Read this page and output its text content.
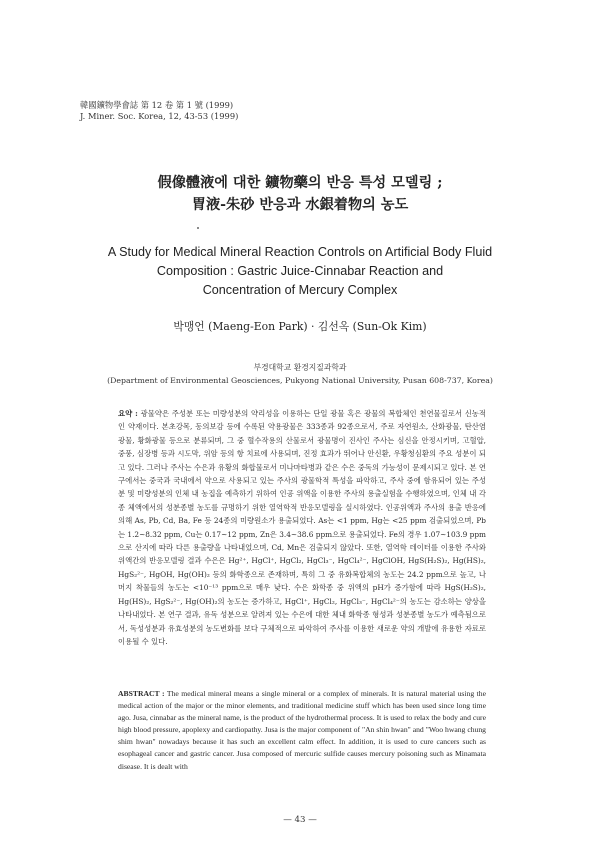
韓國鑛物學會誌 第 12 卷 第 1 號 (1999)
J. Miner. Soc. Korea, 12, 43-53 (1999)
假像體液에 대한 鑛物藥의 반응 특성 모델링 ;
胃液-朱砂 반응과 水銀着物의 농도
A Study for Medical Mineral Reaction Controls on Artificial Body Fluid
Composition : Gastric Juice-Cinnabar Reaction and
Concentration of Mercury Complex
박맹언 (Maeng-Eon Park) · 김선옥 (Sun-Ok Kim)
부경대학교 환경지질과학과
(Department of Environmental Geosciences, Pukyong National University, Pusan 608-737, Korea)
요약 : 광물약은 주성분 또는 미량성분의 약리성을 이용하는 단일 광물 혹은 광물의 복합체인 천연물질로서 신농적인 약재이다. 본초강목, 동의보감 등에 수록된 약용광물은 333종과 92종으로서, 주로 자연원소, 산화광물, 탄산염광물, 황화광물 등으로 분류되며, 그 중 혈수작용의 산물로서 광물명이 진사인 주사는 심신을 안정시키며, 고혈압, 중풍, 심장병 등과 시도막, 위암 등의 항 치료에 사용되며, 진정 효과가 뛰어나 안신환, 우황청심환의 주요 성분이 되고 있다. 그러나 주사는 수은과 유황의 화합물로서 미나마타병과 같은 수은 중독의 가능성이 문제시되고 있다. 본 연구에서는 중국과 국내에서 약으로 사용되고 있는 주사의 광물학적 특성을 파악하고, 주사 중에 함유되어 있는 주성분 및 미량성분의 인체 내 농집을 예측하기 위하여 인공 위액을 이용한 주사의 용출실험을 수행하였으며, 인체 내 각종 체액에서의 성분종별 농도를 규명하기 위한 열역학적 반응모델링을 실시하였다. 인공위액과 주사의 용출 반응에 의해 As, Pb, Cd, Ba, Fe 등 24종의 미량원소가 용출되었다. As는 <1 ppm, Hg는 <25 ppm 검출되었으며, Pb는 1.2~8.32 ppm, Cu는 0.17~12 ppm, Zn은 3.4~38.6 ppm으로 용출되었다. Fe의 경우 1.07~103.9 ppm으로 산지에 따라 다른 용출량을 나타내었으며, Cd, Mn은 검출되지 않았다. 또한, 열역학 데이터를 이용한 주사와 위액간의 반응모델링 결과 수은은 Hg²⁺, HgCl⁺, HgCl₂, HgCl₃⁻, HgCl₄²⁻, HgClOH, HgS(H₂S)₂, Hg(HS)₂, HgS₂²⁻, HgOH, Hg(OH)₂ 등의 화학종으로 존재하며, 특히 그 중 유화복합체의 농도는 24.2 ppm으로 높고, 나머지 착물들의 농도는 <10⁻¹³ ppm으로 매우 낮다. 수은 화학종 중 위액의 pH가 증가함에 따라 HgS(H₂S)₂, Hg(HS)₂, HgS₂²⁻, Hg(OH)₂의 농도는 증가하고, HgCl⁺, HgCl₂, HgCl₃⁻, HgCl₄²⁻의 농도는 감소하는 양상을 나타내었다. 본 연구 결과, 유독 성분으로 알려져 있는 수은에 대한 체내 화학종 형성과 성분종별 농도가 예측됨으로서, 독성성분과 유효성분의 농도변화를 보다 구체적으로 파악하여 주사를 이용한 새로운 약의 개발에 유용한 자료로 이용될 수 있다.
ABSTRACT : The medical mineral means a single mineral or a complex of minerals. It is natural material using the medical action of the major or the minor elements, and traditional medicine stuff which has been used since long time ago. Jusa, cinnabar as the mineral name, is the product of the hydrothermal process. It is used to relax the body and cure high blood pressure, apoplexy and cardiopathy. Jusa is the major component of "An shin hwan" and "Woo hwang chung shim hwan" nowadays because it has such an excellent calm effect. In addition, it is used to cure cancers such as esophageal cancer and gastric cancer. Jusa composed of mercuric sulfide causes mercury poisoning such as Minamata disease. It is dealt with
— 43 —
